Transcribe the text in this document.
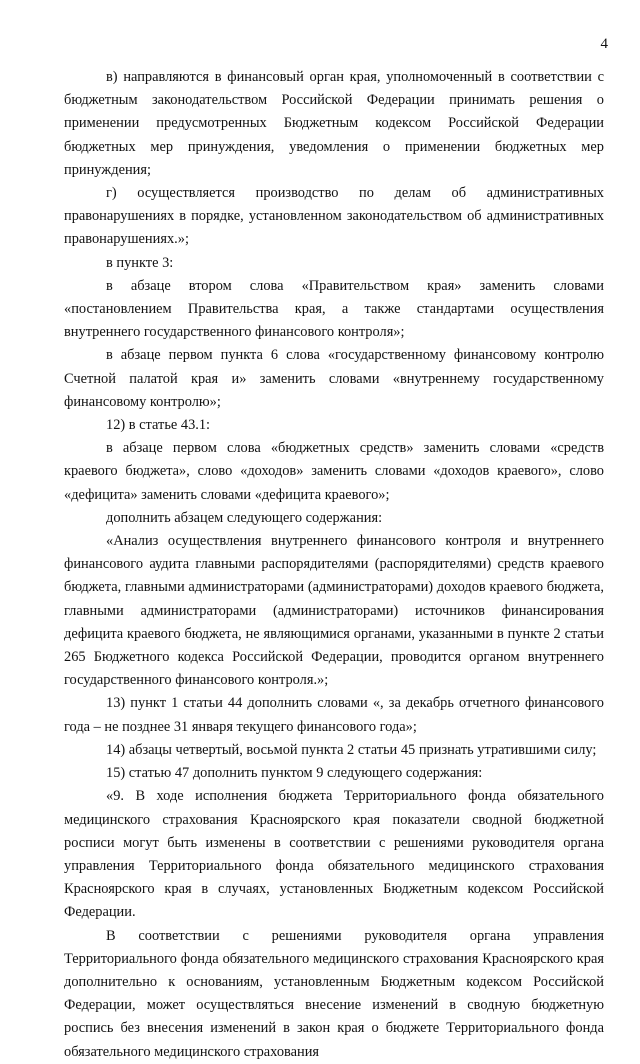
4

в) направляются в финансовый орган края, уполномоченный в соответствии с бюджетным законодательством Российской Федерации принимать решения о применении предусмотренных Бюджетным кодексом Российской Федерации бюджетных мер принуждения, уведомления о применении бюджетных мер принуждения;

г) осуществляется производство по делам об административных правонарушениях в порядке, установленном законодательством об административных правонарушениях.»;

в пункте 3:

в абзаце втором слова «Правительством края» заменить словами «постановлением Правительства края, а также стандартами осуществления внутреннего государственного финансового контроля»;

в абзаце первом пункта 6 слова «государственному финансовому контролю Счетной палатой края и» заменить словами «внутреннему государственному финансовому контролю»;

12) в статье 43.1:

в абзаце первом слова «бюджетных средств» заменить словами «средств краевого бюджета», слово «доходов» заменить словами «доходов краевого», слово «дефицита» заменить словами «дефицита краевого»;

дополнить абзацем следующего содержания:

«Анализ осуществления внутреннего финансового контроля и внутреннего финансового аудита главными распорядителями (распорядителями) средств краевого бюджета, главными администраторами (администраторами) доходов краевого бюджета, главными администраторами (администраторами) источников финансирования дефицита краевого бюджета, не являющимися органами, указанными в пункте 2 статьи 265 Бюджетного кодекса Российской Федерации, проводится органом внутреннего государственного финансового контроля.»;

13) пункт 1 статьи 44 дополнить словами «, за декабрь отчетного финансового года – не позднее 31 января текущего финансового года»;

14) абзацы четвертый, восьмой пункта 2 статьи 45 признать утратившими силу;

15) статью 47 дополнить пунктом 9 следующего содержания:

«9. В ходе исполнения бюджета Территориального фонда обязательного медицинского страхования Красноярского края показатели сводной бюджетной росписи могут быть изменены в соответствии с решениями руководителя органа управления Территориального фонда обязательного медицинского страхования Красноярского края в случаях, установленных Бюджетным кодексом Российской Федерации.

В соответствии с решениями руководителя органа управления Территориального фонда обязательного медицинского страхования Красноярского края дополнительно к основаниям, установленным Бюджетным кодексом Российской Федерации, может осуществляться внесение изменений в сводную бюджетную роспись без внесения изменений в закон края о бюджете Территориального фонда обязательного медицинского страхования
